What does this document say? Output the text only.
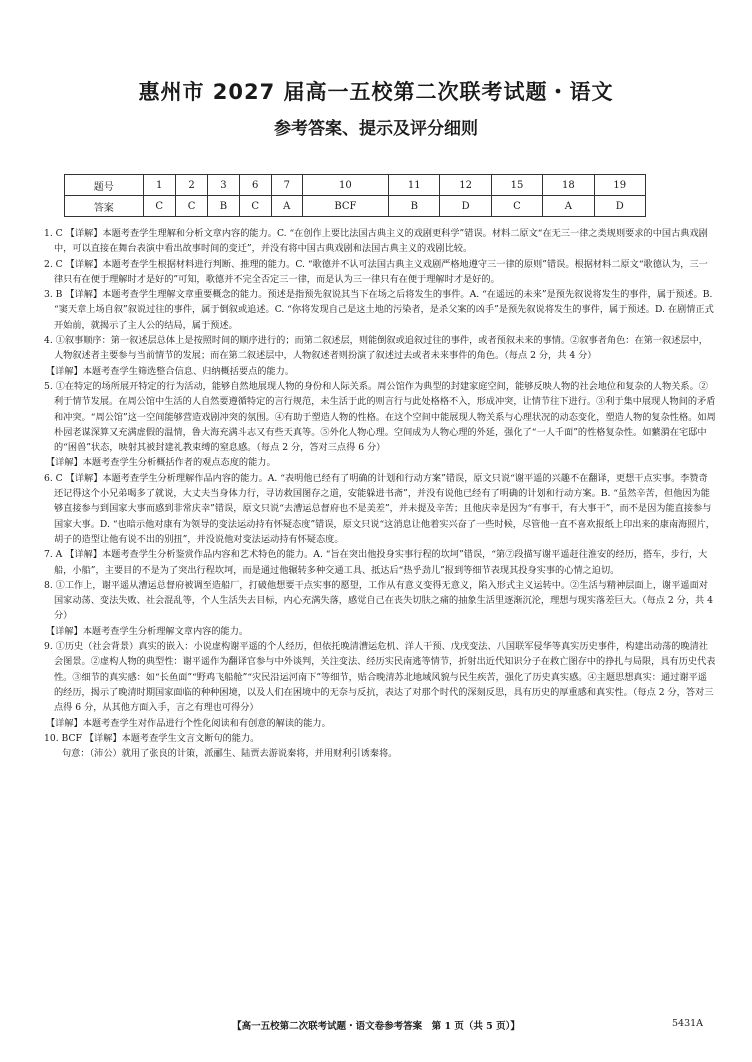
惠州市 2027 届高一五校第二次联考试题・语文
参考答案、提示及评分细则
题号	1	2	3	6	7	10	11	12	15	18	19
答案	C	C	B	C	A	BCF	B	D	C	A	D

1. C 【详解】本题考查学生理解和分析文章内容的能力。C. “在创作上要比法国古典主义的戏剧更科学”错误。材料二原文“在无三一律之类规则要求的中国古典戏剧中，可以直接在舞台表演中看出故事时间的变迁”，并没有将中国古典戏剧和法国古典主义的戏剧比较。

2. C 【详解】本题考查学生根据材料进行判断、推理的能力。C. “歌德并不认可法国古典主义戏剧严格地遵守三一律的原则”错误。根据材料二原文“歌德认为，三一律只有在便于理解时才是好的”可知，歌德并不完全否定三一律，而是认为三一律只有在便于理解时才是好的。

3. B 【详解】本题考查学生理解文章重要概念的能力。预述是指预先叙说其当下在场之后将发生的事件。A. “在遥远的未来”是预先叙说将发生的事件，属于预述。B. “窦天章上场自叙”叙说过往的事件，属于倒叙或追述。C. “你将发现自己是这土地的污染者，是杀父案的凶手”是预先叙说将发生的事件，属于预述。D. 在剧情正式开始前，就揭示了主人公的结局，属于预述。

4. ①叙事顺序：第一叙述层总体上是按照时间的顺序进行的；而第二叙述层，则能倒叙或追叙过往的事件，或者预叙未来的事情。②叙事者角色：在第一叙述层中，人物叙述者主要参与当前情节的发展；而在第二叙述层中，人物叙述者则扮演了叙述过去或者未来事件的角色。（每点 2 分，共 4 分）

【详解】本题考查学生筛选整合信息、归纳概括要点的能力。

5. ①在特定的场所展开特定的行为活动，能够自然地展现人物的身份和人际关系。周公馆作为典型的封建家庭空间，能够反映人物的社会地位和复杂的人物关系。②利于情节发展。在周公馆中生活的人自然要遵循特定的言行规范，未生活于此的则言行与此处格格不入，形成冲突，让情节往下进行。③利于集中展现人物间的矛盾和冲突。“周公馆”这一空间能够营造戏剧冲突的氛围。④有助于塑造人物的性格。在这个空间中能展现人物关系与心理状况的动态变化，塑造人物的复杂性格。如周朴园老谋深算又充满虚假的温情，鲁大海充满斗志又有些天真等。⑤外化人物心理。空间成为人物心理的外延，强化了“一人千面”的性格复杂性。如蘩漪在宅邸中的“困兽”状态，映射其被封建礼教束缚的窒息感。（每点 2 分，答对三点得 6 分）

【详解】本题考查学生分析概括作者的观点态度的能力。

6. C 【详解】本题考查学生分析理解作品内容的能力。A. “表明他已经有了明确的计划和行动方案”错误，原文只说“谢平遥的兴趣不在翻译，更想干点实事。李赞奇还记得这个小兄弟喝多了就说，大丈夫当身体力行，寻访救国图存之道，安能躲进书斋”，并没有说他已经有了明确的计划和行动方案。B. “虽然辛苦，但他因为能够直接参与到国家大事而感到非常庆幸”错误，原文只说“去漕运总督府也不是美差”，并未提及辛苦；且他庆幸是因为“有事干，有大事干”，而不是因为能直接参与国家大事。D. “也暗示他对康有为领导的变法运动持有怀疑态度”错误，原文只说“这消息让他着实兴奋了一些时候，尽管他一直不喜欢报纸上印出来的康南海照片，胡子的造型让他有说不出的别扭”，并没说他对变法运动持有怀疑态度。

7. A 【详解】本题考查学生分析鉴赏作品内容和艺术特色的能力。A. “旨在突出他投身实事行程的坎坷”错误，“第⑦段描写谢平遥赶往淮安的经历，搭车，步行，大船，小船”，主要目的不是为了突出行程坎坷，而是通过他辗转多种交通工具、抵达后“热乎劲儿”报到等细节表现其投身实事的心情之迫切。

8. ①工作上，谢平遥从漕运总督府被调至造船厂，打破他想要干点实事的愿望，工作从有意义变得无意义，陷入形式主义运转中。②生活与精神层面上，谢平遥面对国家动荡、变法失败、社会混乱等，个人生活失去目标，内心充满失落，感觉自己在丧失切肤之痛的抽象生活里逐渐沉沦，理想与现实落差巨大。（每点 2 分，共 4 分）

【详解】本题考查学生分析理解文章内容的能力。

9. ①历史（社会背景）真实的嵌入：小说虚构谢平遥的个人经历，但依托晚清漕运危机、洋人干预、戊戌变法、八国联军侵华等真实历史事件，构建出动荡的晚清社会图景。②虚构人物的典型性：谢平遥作为翻译官参与中外谈判，关注变法、经历实民南逃等情节，折射出近代知识分子在救亡图存中的挣扎与局限，具有历史代表性。③细节的真实感：如“长鱼面”“野鸡飞船舱”“灾民沿运河南下”等细节，贴合晚清苏北地域风貌与民生疾苦，强化了历史真实感。④主题思想真实：通过谢平遥的经历，揭示了晚清时期国家面临的种种困境，以及人们在困境中的无奈与反抗，表达了对那个时代的深刻反思，具有历史的厚重感和真实性。（每点 2 分，答对三点得 6 分，从其他方面入手，言之有理也可得分）

【详解】本题考查学生对作品进行个性化阅读和有创意的解读的能力。

10. BCF 【详解】本题考查学生文言文断句的能力。

句意：（沛公）就用了张良的计策，派郦生、陆贾去游说秦将，并用财利引诱秦将。

【高一五校第二次联考试题・语文卷参考答案　第 1 页（共 5 页）】	5431A
